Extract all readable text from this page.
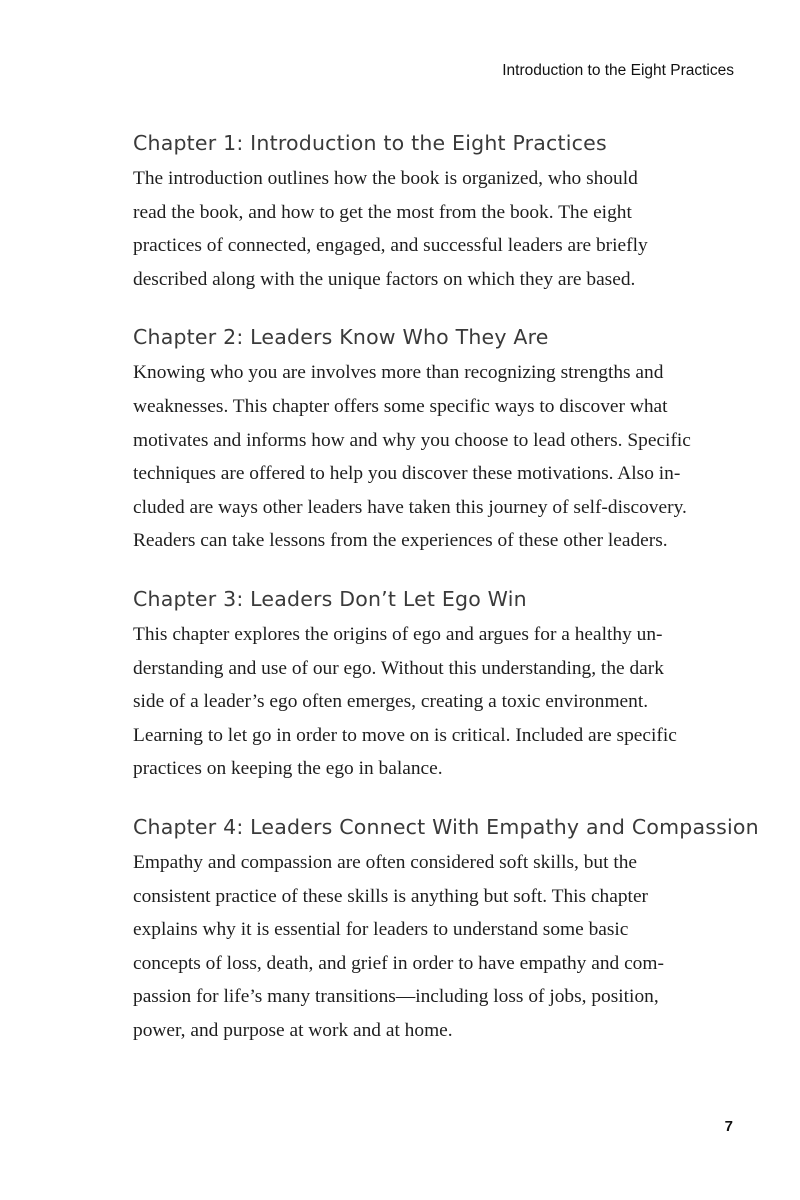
Introduction to the Eight Practices
Chapter 1: Introduction to the Eight Practices

The introduction outlines how the book is organized, who should
read the book, and how to get the most from the book. The eight
practices of connected, engaged, and successful leaders are briefly
described along with the unique factors on which they are based.

Chapter 2: Leaders Know Who They Are

Knowing who you are involves more than recognizing strengths and
weaknesses. This chapter offers some specific ways to discover what
motivates and informs how and why you choose to lead others. Specific
techniques are offered to help you discover these motivations. Also in-
cluded are ways other leaders have taken this journey of self-discovery.
Readers can take lessons from the experiences of these other leaders.

Chapter 3: Leaders Don’t Let Ego Win

This chapter explores the origins of ego and argues for a healthy un-
derstanding and use of our ego. Without this understanding, the dark
side of a leader’s ego often emerges, creating a toxic environment.
Learning to let go in order to move on is critical. Included are specific
practices on keeping the ego in balance.

Chapter 4: Leaders Connect With Empathy and Compassion

Empathy and compassion are often considered soft skills, but the
consistent practice of these skills is anything but soft. This chapter
explains why it is essential for leaders to understand some basic
concepts of loss, death, and grief in order to have empathy and com-
passion for life’s many transitions—including loss of jobs, position,
power, and purpose at work and at home.

7
